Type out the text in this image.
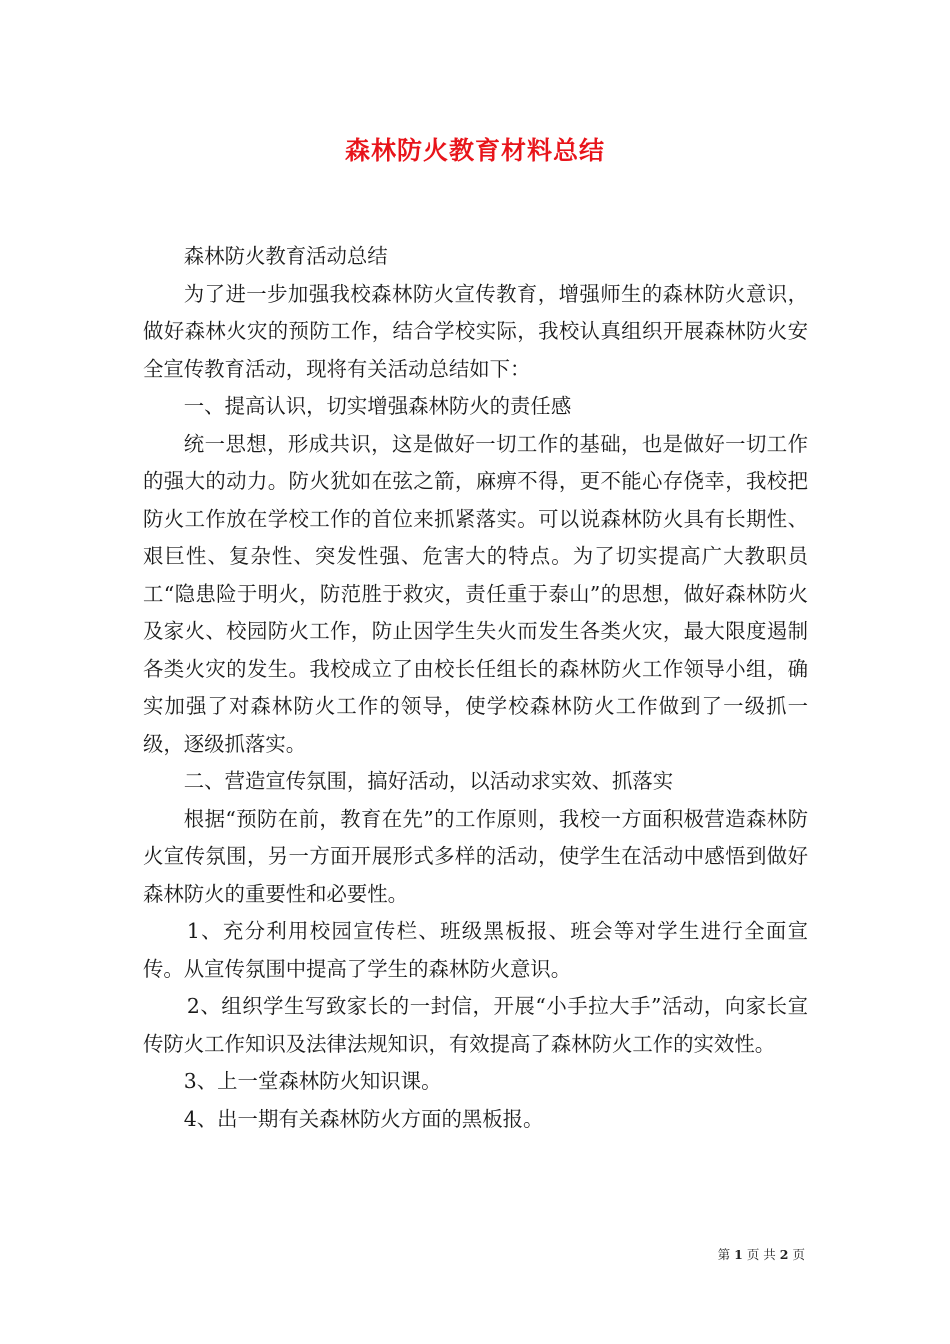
森林防火教育材料总结

森林防火教育活动总结

为了进一步加强我校森林防火宣传教育，增强师生的森林防火意识，做好森林火灾的预防工作，结合学校实际，我校认真组织开展森林防火安全宣传教育活动，现将有关活动总结如下：

一、提高认识，切实增强森林防火的责任感

统一思想，形成共识，这是做好一切工作的基础，也是做好一切工作的强大的动力。防火犹如在弦之箭，麻痹不得，更不能心存侥幸，我校把防火工作放在学校工作的首位来抓紧落实。可以说森林防火具有长期性、艰巨性、复杂性、突发性强、危害大的特点。为了切实提高广大教职员工“隐患险于明火，防范胜于救灾，责任重于泰山”的思想，做好森林防火及家火、校园防火工作，防止因学生失火而发生各类火灾，最大限度遏制各类火灾的发生。我校成立了由校长任组长的森林防火工作领导小组，确实加强了对森林防火工作的领导，使学校森林防火工作做到了一级抓一级，逐级抓落实。

二、营造宣传氛围，搞好活动，以活动求实效、抓落实

根据“预防在前，教育在先”的工作原则，我校一方面积极营造森林防火宣传氛围，另一方面开展形式多样的活动，使学生在活动中感悟到做好森林防火的重要性和必要性。

1、充分利用校园宣传栏、班级黑板报、班会等对学生进行全面宣传。从宣传氛围中提高了学生的森林防火意识。

2、组织学生写致家长的一封信，开展“小手拉大手”活动，向家长宣传防火工作知识及法律法规知识，有效提高了森林防火工作的实效性。

3、上一堂森林防火知识课。

4、出一期有关森林防火方面的黑板报。

第 1 页 共 2 页
